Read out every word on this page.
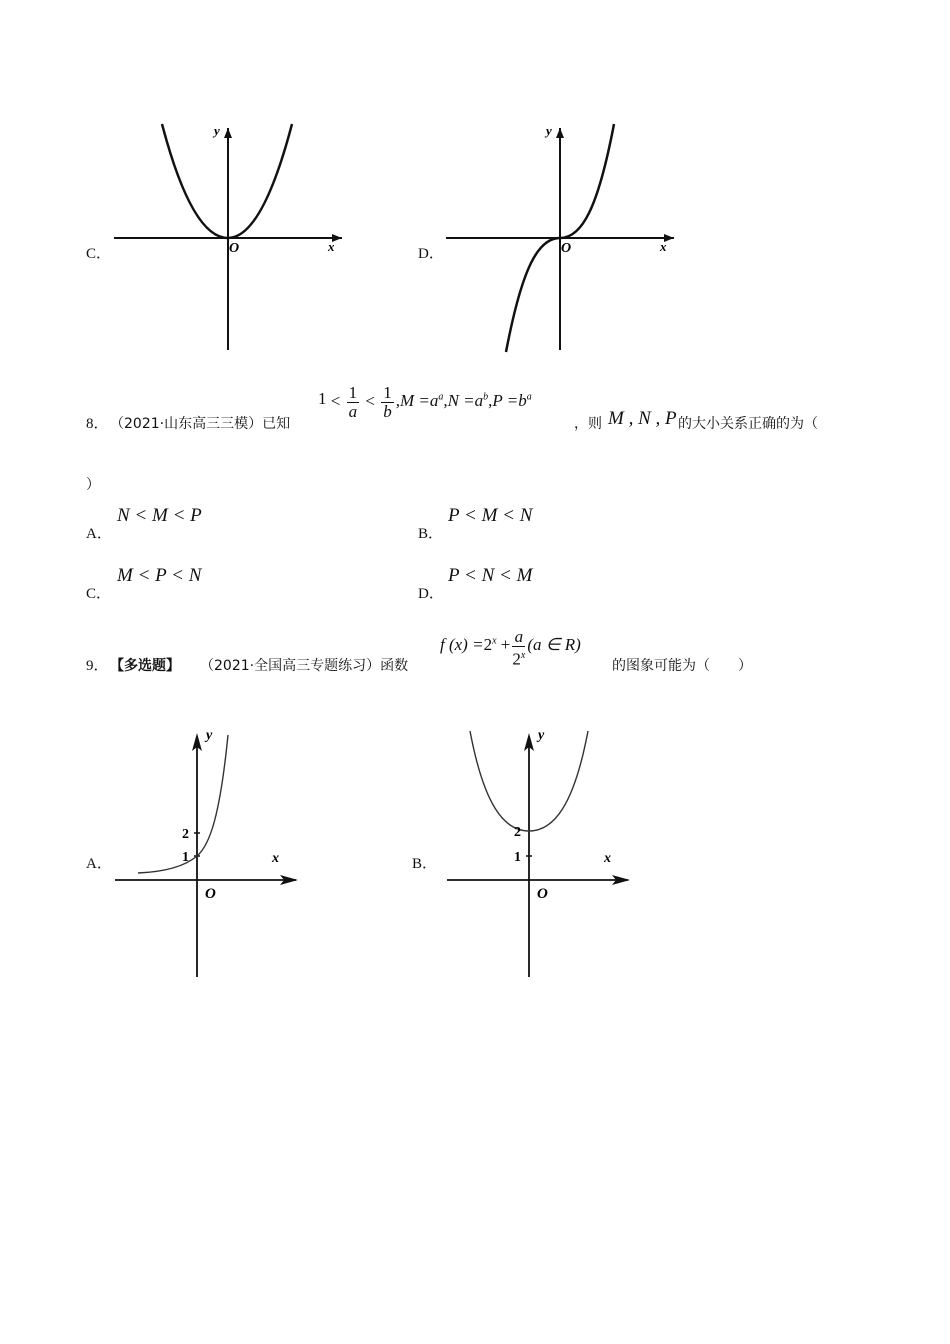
C．
y
x
O	D．
y
x
O
8． （2021·山东高三三模）已知
$1 < \frac{1}{a} < \frac{1}{b} ,M =a^a,N =a^b,P =b^a$
，则 M , N , P 的大小关系正确的为（
）
A．
N < M < P
B．
P < M < N
C．
M < P < N
D．
P < N < M
9． 【多选题】 （2021·全国高三专题练习）函数
f $(x) =2^x + \frac{a}{2^x} (a$ ∈ R)
的图象可能为（　　）
A．
y
x
2
1
O
B．
y
x
2
1
O
